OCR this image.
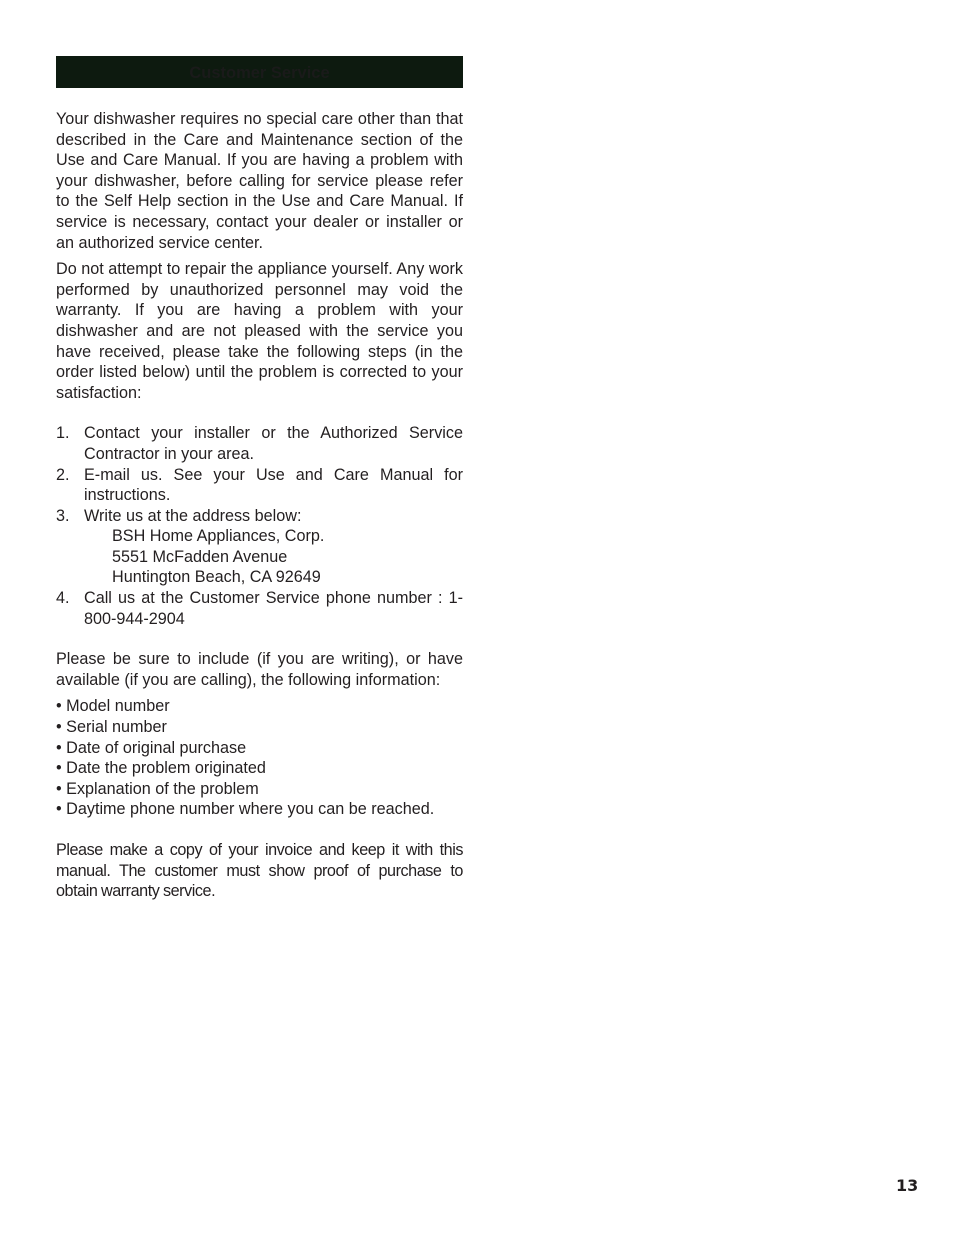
Customer Service

Your dishwasher requires no special care other than that described in the Care and Maintenance section of the Use and Care Manual. If you are having a problem with your dishwasher, before calling for service please refer to the Self Help section in the Use and Care Manual. If service is necessary, contact your dealer or installer or an authorized service center.

Do not attempt to repair the appliance yourself. Any work performed by unauthorized personnel may void the warranty. If you are having a problem with your dishwasher and are not pleased with the service you have received, please take the following steps (in the order listed below) until the problem is corrected to your satisfaction:

1. Contact your installer or the Authorized Service Contractor in your area.
2. E-mail us. See your Use and Care Manual for instructions.
3. Write us at the address below:
BSH Home Appliances, Corp.
5551 McFadden Avenue
Huntington Beach, CA 92649
4. Call us at the Customer Service phone number : 1-800-944-2904

Please be sure to include (if you are writing), or have available (if you are calling), the following information:

• Model number
• Serial number
• Date of original purchase
• Date the problem originated
• Explanation of the problem
• Daytime phone number where you can be reached.

Please make a copy of your invoice and keep it with this manual. The customer must show proof of purchase to obtain warranty service.

13
